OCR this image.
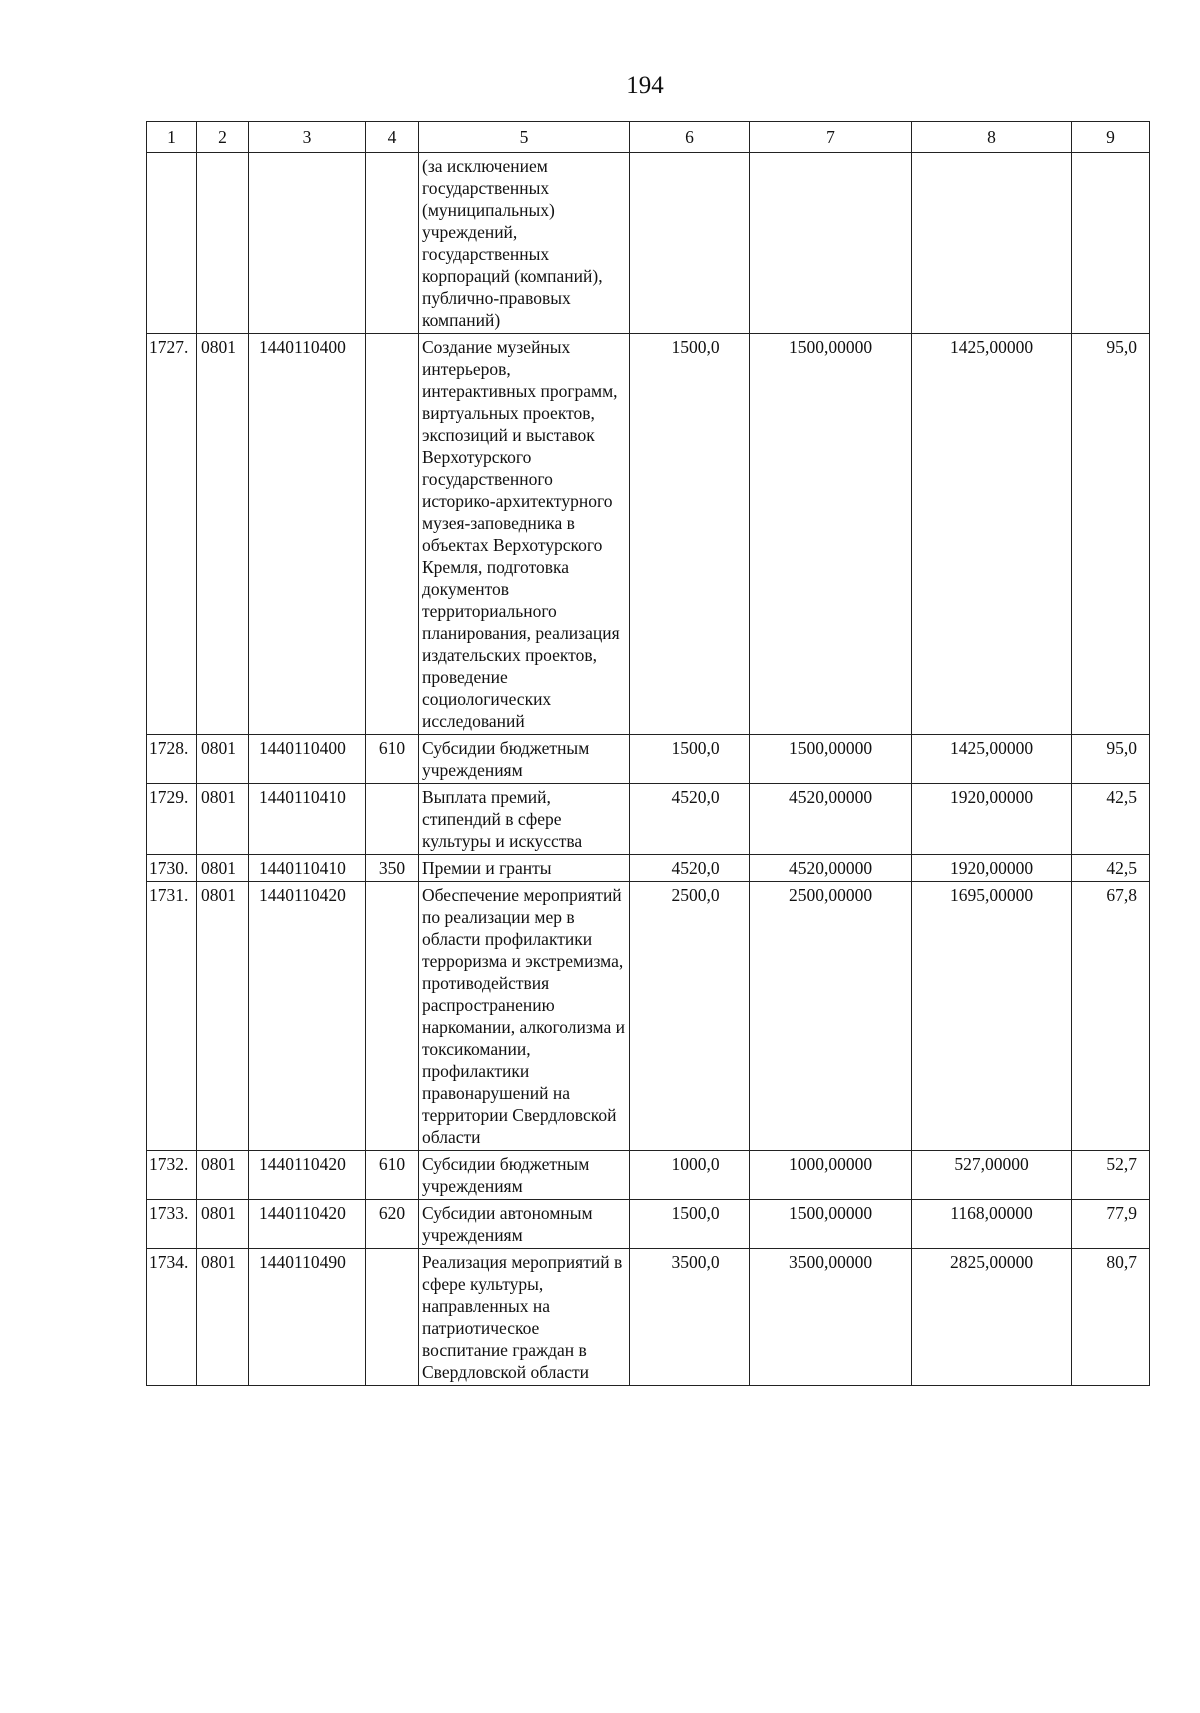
194
1	2	3	4	5	6	7	8	9
				(за исключением государственных (муниципальных) учреждений, государственных корпораций (компаний), публично-правовых компаний)				
1727.	0801	1440110400		Создание музейных интерьеров, интерактивных программ, виртуальных проектов, экспозиций и выставок Верхотурского государственного историко-архитектурного музея-заповедника в объектах Верхотурского Кремля, подготовка документов территориального планирования, реализация издательских проектов, проведение социологических исследований	1500,0	1500,00000	1425,00000	95,0
1728.	0801	1440110400	610	Субсидии бюджетным учреждениям	1500,0	1500,00000	1425,00000	95,0
1729.	0801	1440110410		Выплата премий, стипендий в сфере культуры и искусства	4520,0	4520,00000	1920,00000	42,5
1730.	0801	1440110410	350	Премии и гранты	4520,0	4520,00000	1920,00000	42,5
1731.	0801	1440110420		Обеспечение мероприятий по реализации мер в области профилактики терроризма и экстремизма, противодействия распространению наркомании, алкоголизма и токсикомании, профилактики правонарушений на территории Свердловской области	2500,0	2500,00000	1695,00000	67,8
1732.	0801	1440110420	610	Субсидии бюджетным учреждениям	1000,0	1000,00000	527,00000	52,7
1733.	0801	1440110420	620	Субсидии автономным учреждениям	1500,0	1500,00000	1168,00000	77,9
1734.	0801	1440110490		Реализация мероприятий в сфере культуры, направленных на патриотическое воспитание граждан в Свердловской области	3500,0	3500,00000	2825,00000	80,7
